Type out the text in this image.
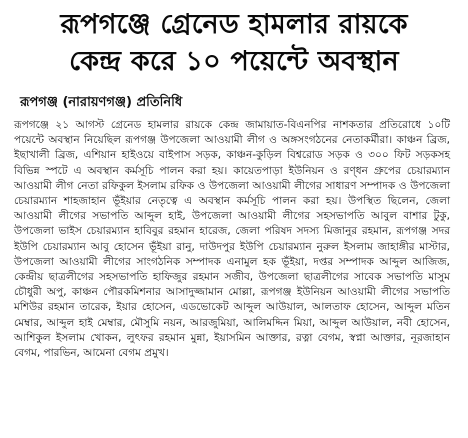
রূপগঞ্জে গ্রেনেড হামলার রায়কে
কেন্দ্র করে ১০ পয়েন্টে অবস্থান
রূপগঞ্জ (নারায়ণগঞ্জ) প্রতিনিধি

রূপগঞ্জে ২১ আগস্ট গ্রেনেড হামলার রায়কে কেন্দ্র জামায়াত-বিএনপির নাশকতার প্রতিরোধে ১০টি পয়েন্টে অবস্থান নিয়েছিল রূপগঞ্জ উপজেলা আওয়ামী লীগ ও অঙ্গসংগঠনের নেতাকর্মীরা। কাঞ্চন ব্রিজ, ইছাখালী ব্রিজ, এশিয়ান হাইওয়ে বাইপাস সড়ক, কাঞ্চন-কুড়িল বিশ্বরোড সড়ক ও ৩০০ ফিট সড়কসহ বিভিন্ন স্পটে এ অবস্থান কর্মসূচি পালন করা হয়। কায়েতপাড়া ইউনিয়ন ও রণ্ধন গ্রুপের চেয়ারম্যান আওয়ামী লীগ নেতা রফিকুল ইসলাম রফিক ও উপজেলা আওয়ামী লীগের সাধারণ সম্পাদক ও উপজেলা চেয়ারম্যান শাহজাহান ভূঁইয়ার নেতৃত্বে এ অবস্থান কর্মসূচি পালন করা হয়। উপস্থিত ছিলেন, জেলা আওয়ামী লীগের সভাপতি আব্দুল হাই, উপজেলা আওয়ামী লীগের সহসভাপতি আবুল বাশার টুকু, উপজেলা ভাইস চেয়ারম্যান হাবিবুর রহমান হারেজ, জেলা পরিষদ সদস্য মিজানুর রহমান, রূপগঞ্জ সদর ইউপি চেয়ারম্যান আবু হোসেন ভূঁইয়া রানু, দাউদপুর ইউপি চেয়ারম্যান নুরুল ইসলাম জাহাঙ্গীর মাস্টার, উপজেলা আওয়ামী লীগের সাংগঠনিক সম্পাদক এনামুল হক ভূঁইয়া, দপ্তর সম্পাদক আব্দুল আজিজ, কেন্দ্রীয় ছাত্রলীগের সহসভাপতি হাফিজুর রহমান সজীব, উপজেলা ছাত্রলীগের সাবেক সভাপতি মাসুম চৌধুরী অপু, কাঞ্চন পৌরকমিশনার আসাদুজ্জামান মোল্লা, রূপগঞ্জ ইউনিয়ন আওয়ামী লীগের সভাপতি মশিউর রহমান তারেক, ইয়ার হোসেন, এডভোকেট আব্দুল আউয়াল, আলতাফ হোসেন, আব্দুল মতিন মেম্বার, আব্দুল হাই মেম্বার, মৌসুমি নয়ন, আরজুমিয়া, আলিমদ্দিন মিয়া, আব্দুল আউয়াল, নবী হোসেন, আশিকুল ইসলাম খোকন, লুৎফর রহমান মুন্না, ইয়াসমিন আক্তার, রত্না বেগম, স্বপ্না আক্তার, নূরজাহান বেগম, পারভিন, আমেনা বেগম প্রমুখ।
